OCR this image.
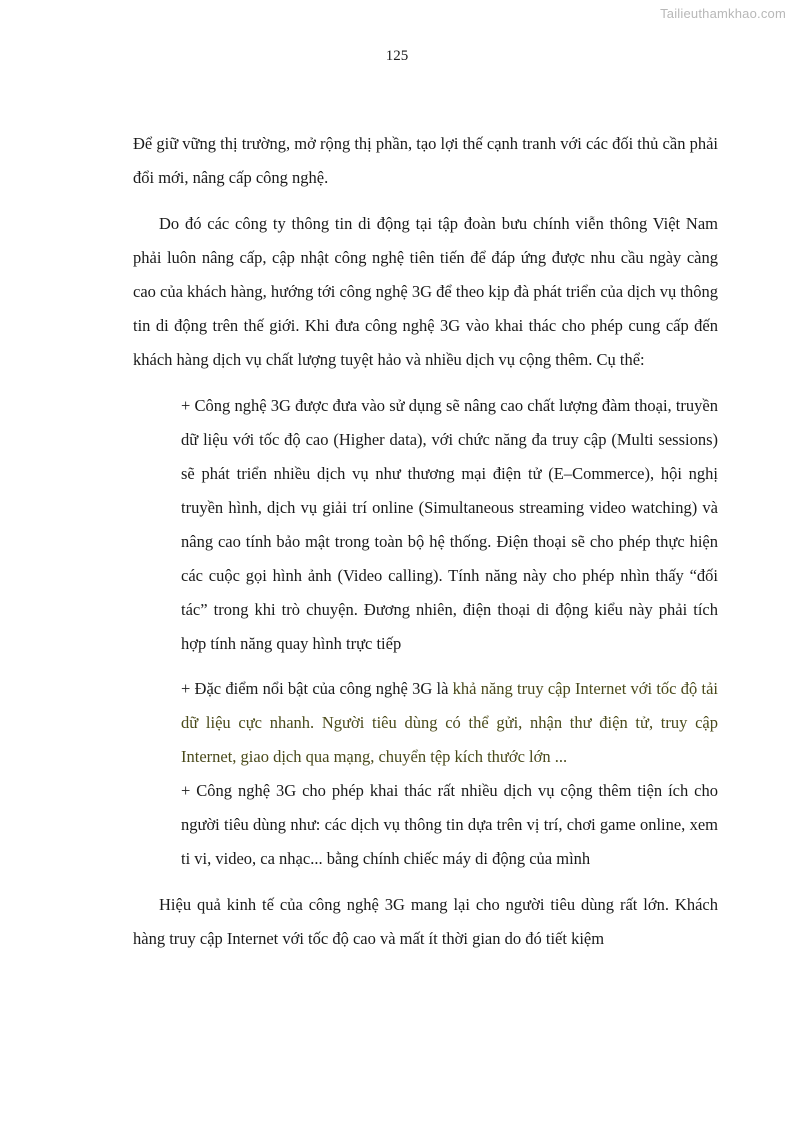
Tailieuthamkhao.com
125

Để giữ vững thị trường, mở rộng thị phần, tạo lợi thế cạnh tranh với các đối thủ cần phải đổi mới, nâng cấp công nghệ.

Do đó các công ty thông tin di động tại tập đoàn bưu chính viễn thông Việt Nam phải luôn nâng cấp, cập nhật công nghệ tiên tiến để đáp ứng được nhu cầu ngày càng cao của khách hàng, hướng tới công nghệ 3G để theo kịp đà phát triển của dịch vụ thông tin di động trên thế giới. Khi đưa công nghệ 3G vào khai thác cho phép cung cấp đến khách hàng dịch vụ chất lượng tuyệt hảo và nhiều dịch vụ cộng thêm. Cụ thể:

+ Công nghệ 3G được đưa vào sử dụng sẽ nâng cao chất lượng đàm thoại, truyền dữ liệu với tốc độ cao (Higher data), với chức năng đa truy cập (Multi sessions) sẽ phát triển nhiều dịch vụ như thương mại điện tử (E–Commerce), hội nghị truyền hình, dịch vụ giải trí online (Simultaneous streaming video watching) và nâng cao tính bảo mật trong toàn bộ hệ thống. Điện thoại sẽ cho phép thực hiện các cuộc gọi hình ảnh (Video calling). Tính năng này cho phép nhìn thấy “đối tác” trong khi trò chuyện. Đương nhiên, điện thoại di động kiểu này phải tích hợp tính năng quay hình trực tiếp

+ Đặc điểm nổi bật của công nghệ 3G là khả năng truy cập Internet với tốc độ tải dữ liệu cực nhanh. Người tiêu dùng có thể gửi, nhận thư điện tử, truy cập Internet, giao dịch qua mạng, chuyển tệp kích thước lớn ...

+ Công nghệ 3G cho phép khai thác rất nhiều dịch vụ cộng thêm tiện ích cho người tiêu dùng như: các dịch vụ thông tin dựa trên vị trí, chơi game online, xem ti vi, video, ca nhạc... bằng chính chiếc máy di động của mình

Hiệu quả kinh tế của công nghệ 3G mang lại cho người tiêu dùng rất lớn. Khách hàng truy cập Internet với tốc độ cao và mất ít thời gian do đó tiết kiệm
